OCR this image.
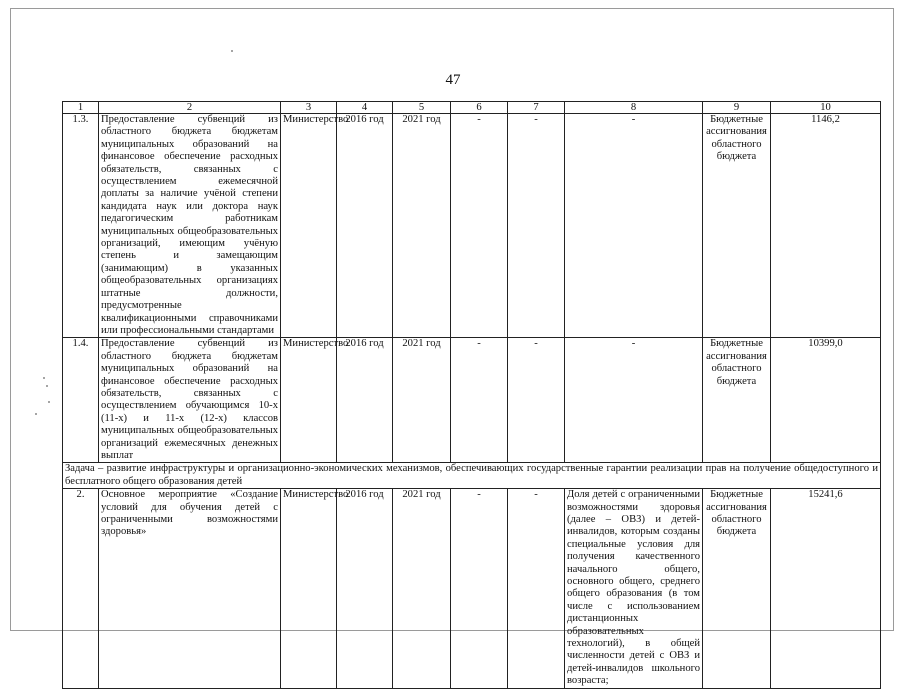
47
1	2	3	4	5	6	7	8	9	10
1.3.	Предоставление субвенций из областного бюджета бюджетам муниципальных образований на финансовое обеспечение расходных обязательств, связанных с осуществлением ежемесячной доплаты за наличие учёной степени кандидата наук или доктора наук педагогическим работникам муниципальных общеобразовательных организаций, имеющим учёную степень и замещающим (занимающим) в указанных общеобразовательных организациях штатные должности, предусмотренные квалификационными справочниками или профессиональными стандартами	Министерство	2016 год	2021 год	-	-	-	Бюджетные ассигнования областного бюджета	1146,2
1.4.	Предоставление субвенций из областного бюджета бюджетам муниципальных образований на финансовое обеспечение расходных обязательств, связанных с осуществлением обучающимся 10-х (11-х) и 11-х (12-х) классов муниципальных общеобразовательных организаций ежемесячных денежных выплат	Министерство	2016 год	2021 год	-	-	-	Бюджетные ассигнования областного бюджета	10399,0
Задача – развитие инфраструктуры и организационно-экономических механизмов, обеспечивающих государственные гарантии реализации прав на получение общедоступного и бесплатного общего образования детей									
2.	Основное мероприятие «Создание условий для обучения детей с ограниченными возможностями здоровья»	Министерство	2016 год	2021 год	-	-	Доля детей с ограниченными возможностями здоровья (далее – ОВЗ) и детей-инвалидов, которым созданы специальные условия для получения качественного начального общего, основного общего, среднего общего образования (в том числе с использованием дистанционных образовательных технологий), в общей численности детей с ОВЗ и детей-инвалидов школьного возраста;	Бюджетные ассигнования областного бюджета	15241,6
